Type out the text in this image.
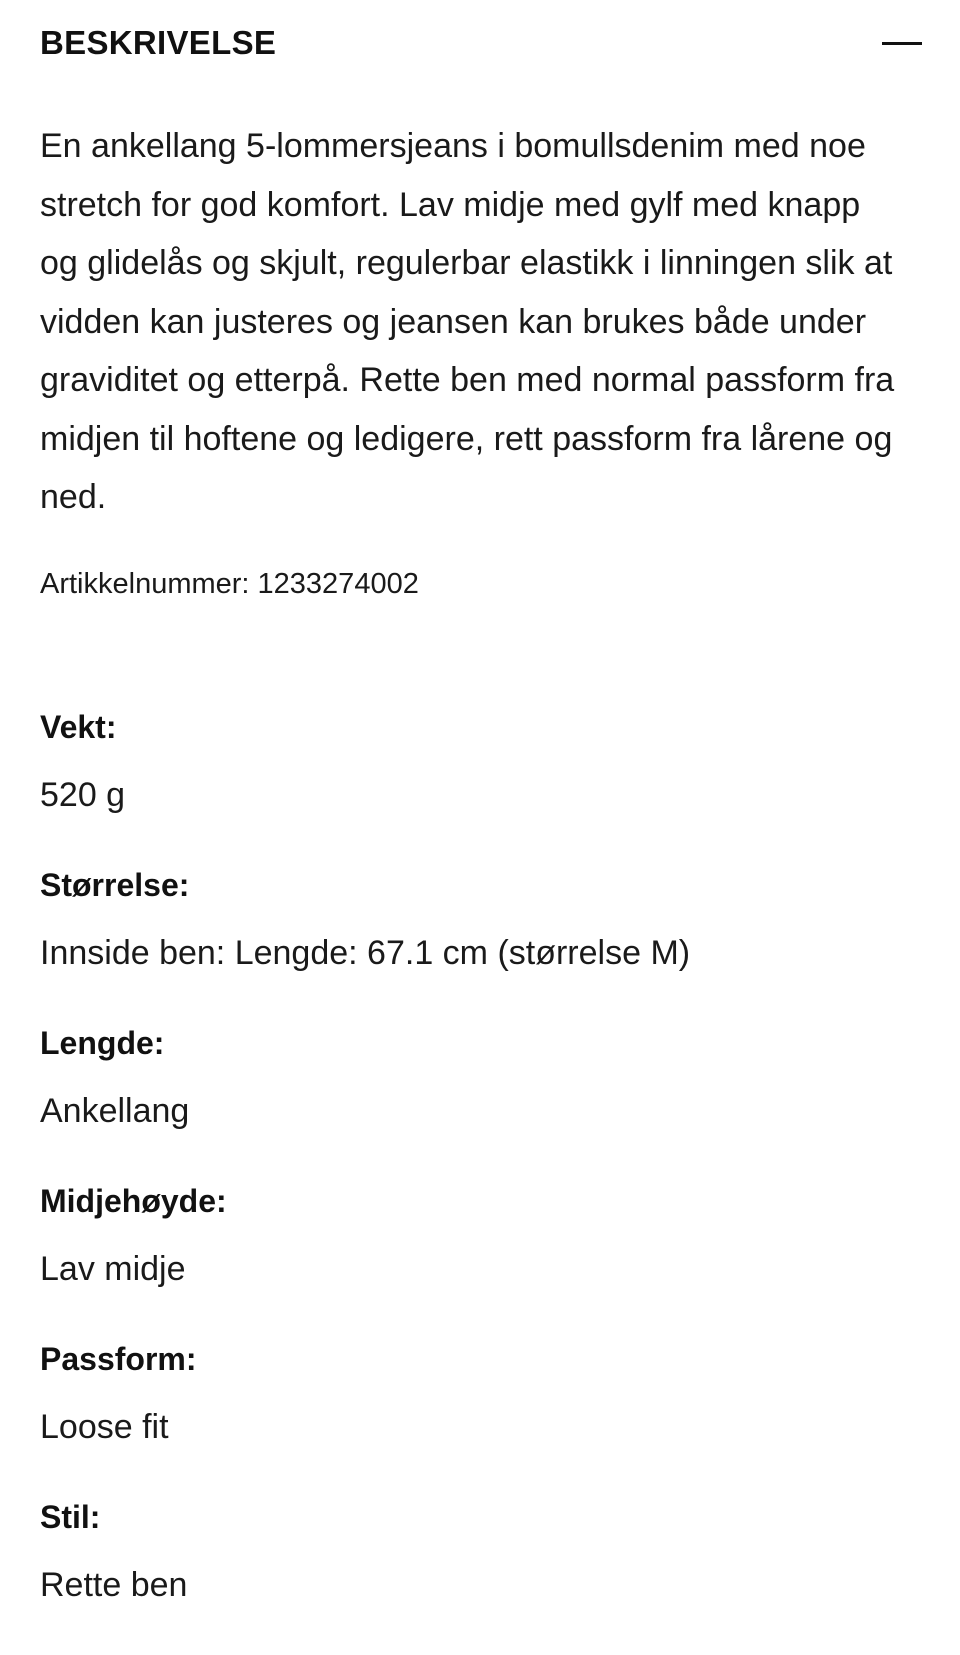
BESKRIVELSE

En ankellang 5-lommersjeans i bomullsdenim med noe stretch for god komfort. Lav midje med gylf med knapp og glidelås og skjult, regulerbar elastikk i linningen slik at vidden kan justeres og jeansen kan brukes både under graviditet og etterpå. Rette ben med normal passform fra midjen til hoftene og ledigere, rett passform fra lårene og ned.

Artikkelnummer: 1233274002
Vekt:
520 g
Størrelse:
Innside ben: Lengde: 67.1 cm (størrelse M)
Lengde:
Ankellang
Midjehøyde:
Lav midje
Passform:
Loose fit
Stil:
Rette ben
